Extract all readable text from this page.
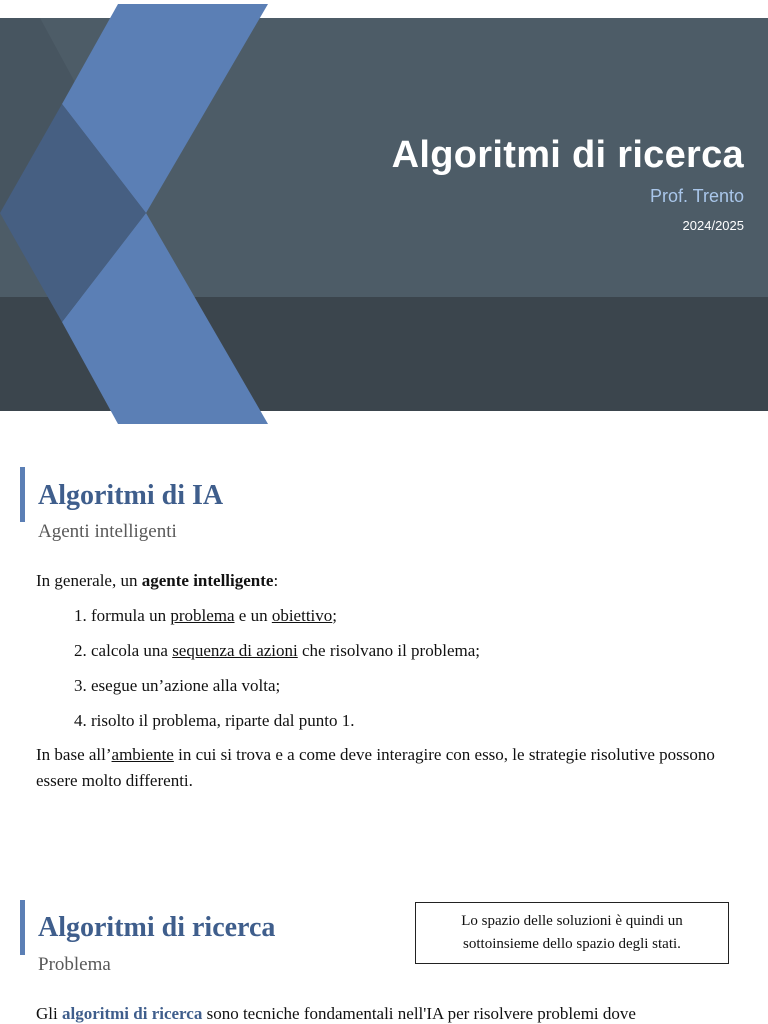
Algoritmi di ricerca
Prof. Trento
2024/2025
Algoritmi di IA
Agenti intelligenti

In generale, un agente intelligente:

1. formula un problema e un obiettivo;
2. calcola una sequenza di azioni che risolvano il problema;
3. esegue un’azione alla volta;
4. risolto il problema, riparte dal punto 1.

In base all’ambiente in cui si trova e a come deve interagire con esso, le strategie risolutive possono essere molto differenti.

Algoritmi di ricerca
Problema
Lo spazio delle soluzioni è quindi un
sottoinsieme dello spazio degli stati.

Gli algoritmi di ricerca sono tecniche fondamentali nell'IA per risolvere problemi dove
